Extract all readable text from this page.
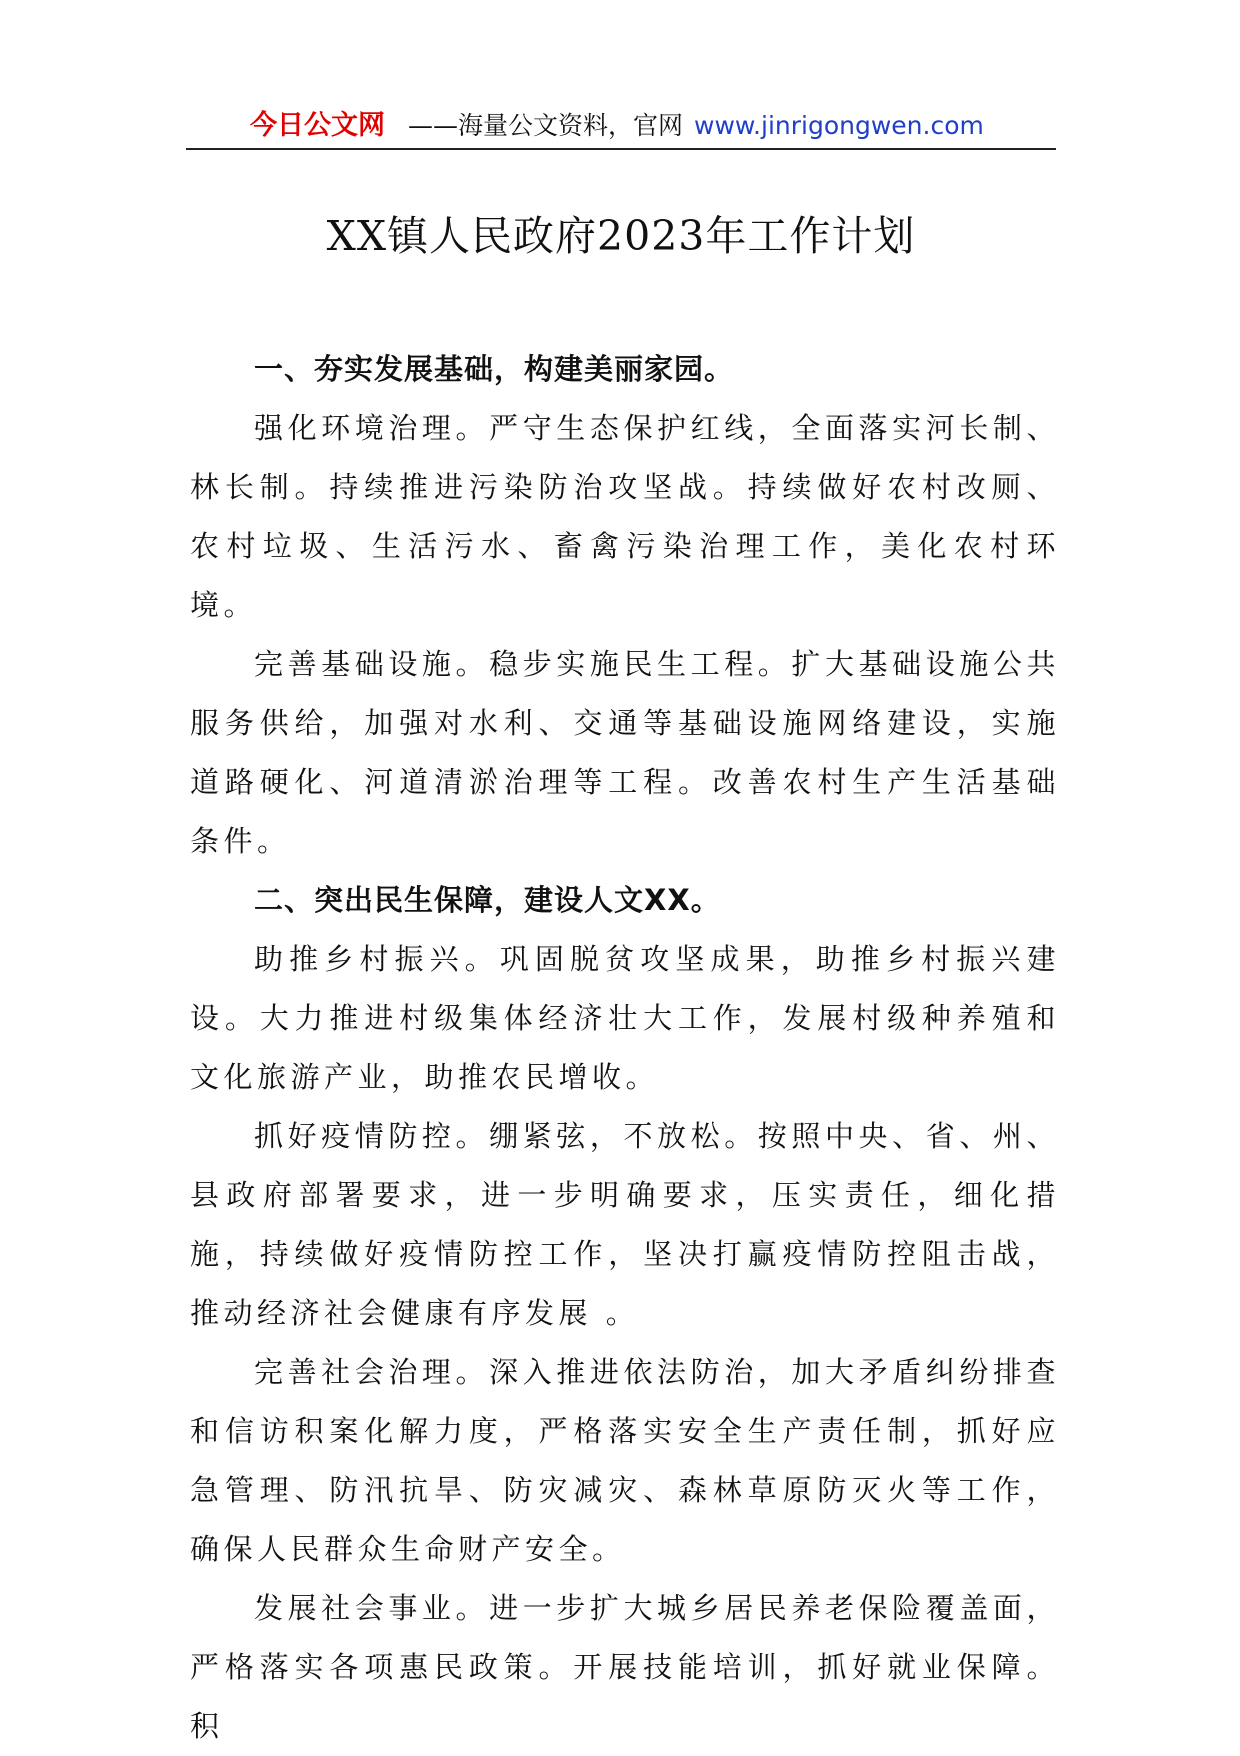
今日公文网 ——海量公文资料，官网 www.jinrigongwen.com
XX镇人民政府2023年工作计划

一、夯实发展基础，构建美丽家园。

强化环境治理。严守生态保护红线，全面落实河长制、林长制。持续推进污染防治攻坚战。持续做好农村改厕、农村垃圾、生活污水、畜禽污染治理工作，美化农村环境。

完善基础设施。稳步实施民生工程。扩大基础设施公共服务供给，加强对水利、交通等基础设施网络建设，实施道路硬化、河道清淤治理等工程。改善农村生产生活基础条件。

二、突出民生保障，建设人文XX。

助推乡村振兴。巩固脱贫攻坚成果，助推乡村振兴建设。大力推进村级集体经济壮大工作，发展村级种养殖和文化旅游产业，助推农民增收。

抓好疫情防控。绷紧弦，不放松。按照中央、省、州、县政府部署要求，进一步明确要求，压实责任，细化措施，持续做好疫情防控工作，坚决打赢疫情防控阻击战，推动经济社会健康有序发展 。

完善社会治理。深入推进依法防治，加大矛盾纠纷排查和信访积案化解力度，严格落实安全生产责任制，抓好应急管理、防汛抗旱、防灾减灾、森林草原防灭火等工作，确保人民群众生命财产安全。

发展社会事业。进一步扩大城乡居民养老保险覆盖面，严格落实各项惠民政策。开展技能培训，抓好就业保障。积
